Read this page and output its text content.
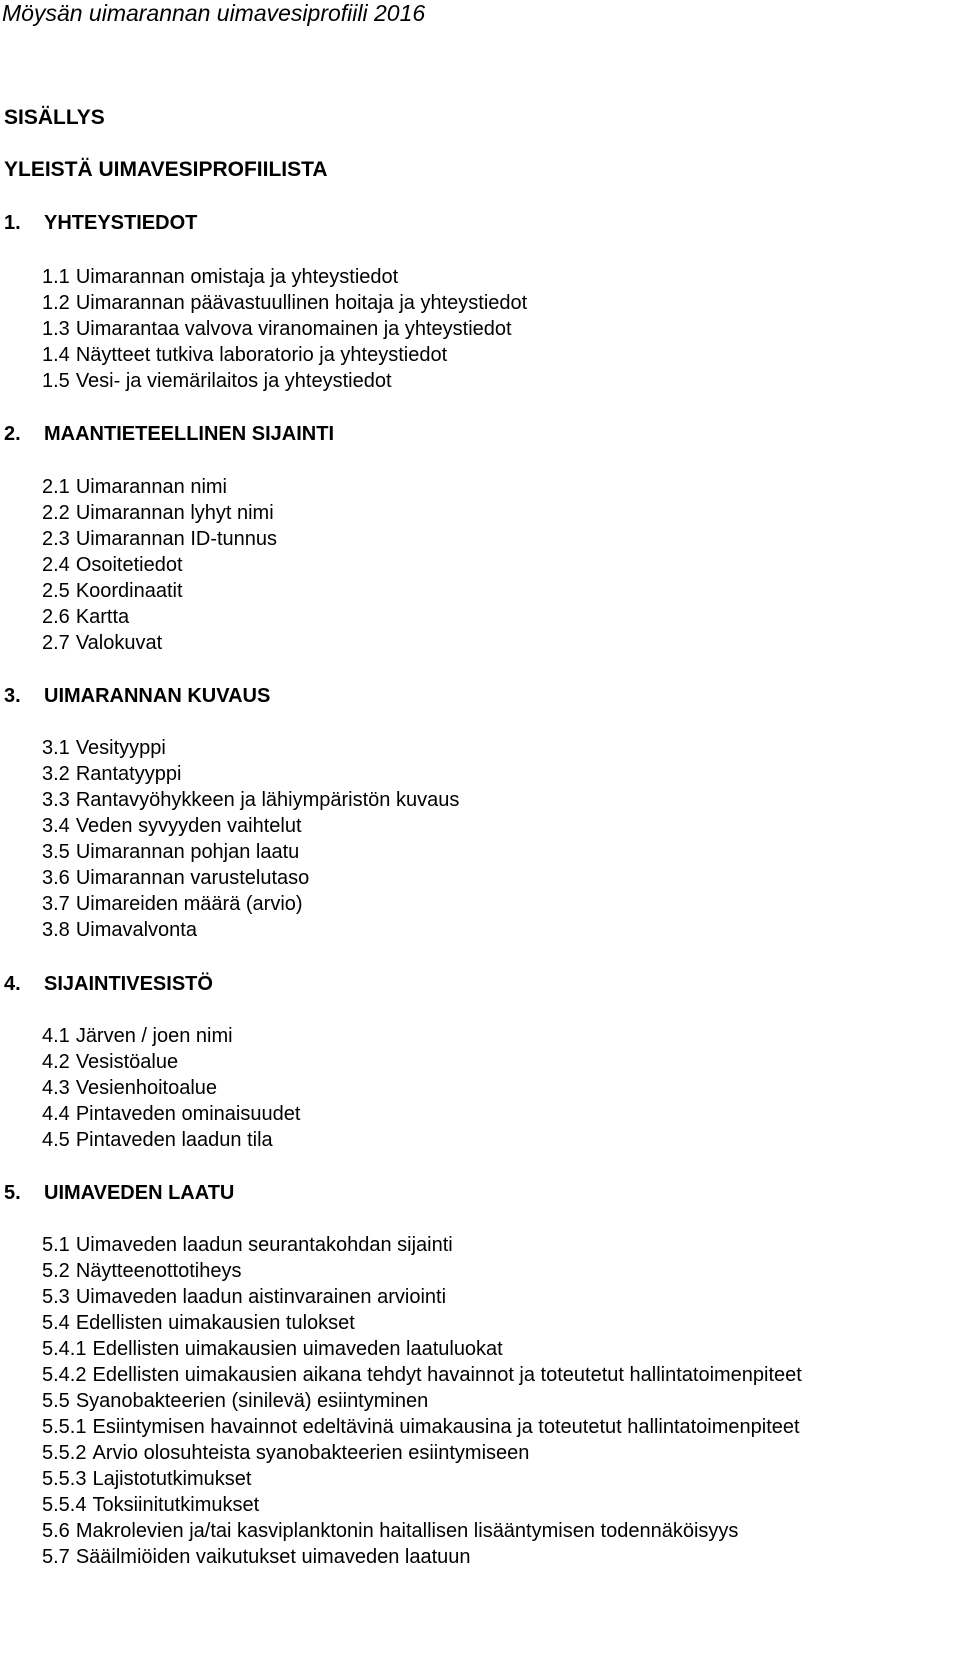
Möysän uimarannan uimavesiprofiili 2016
SISÄLLYS
YLEISTÄ UIMAVESIPROFIILISTA
1. YHTEYSTIEDOT
1.1 Uimarannan omistaja ja yhteystiedot
1.2 Uimarannan päävastuullinen hoitaja ja yhteystiedot
1.3 Uimarantaa valvova viranomainen ja yhteystiedot
1.4 Näytteet tutkiva laboratorio ja yhteystiedot
1.5 Vesi- ja viemärilaitos ja yhteystiedot
2. MAANTIETEELLINEN SIJAINTI
2.1 Uimarannan nimi
2.2 Uimarannan lyhyt nimi
2.3 Uimarannan ID-tunnus
2.4 Osoitetiedot
2.5 Koordinaatit
2.6 Kartta
2.7 Valokuvat
3. UIMARANNAN KUVAUS
3.1 Vesityyppi
3.2 Rantatyyppi
3.3 Rantavyöhykkeen ja lähiympäristön kuvaus
3.4 Veden syvyyden vaihtelut
3.5 Uimarannan pohjan laatu
3.6 Uimarannan varustelutaso
3.7 Uimareiden määrä (arvio)
3.8 Uimavalvonta
4. SIJAINTIVESISTÖ
4.1 Järven / joen nimi
4.2 Vesistöalue
4.3 Vesienhoitoalue
4.4 Pintaveden ominaisuudet
4.5 Pintaveden laadun tila
5. UIMAVEDEN LAATU
5.1 Uimaveden laadun seurantakohdan sijainti
5.2 Näytteenottotiheys
5.3 Uimaveden laadun aistinvarainen arviointi
5.4 Edellisten uimakausien tulokset
5.4.1 Edellisten uimakausien uimaveden laatuluokat
5.4.2 Edellisten uimakausien aikana tehdyt havainnot ja toteutetut hallintatoimenpiteet
5.5 Syanobakteerien (sinilevä) esiintyminen
5.5.1 Esiintymisen havainnot edeltävinä uimakausina ja toteutetut hallintatoimenpiteet
5.5.2 Arvio olosuhteista syanobakteerien esiintymiseen
5.5.3 Lajistotutkimukset
5.5.4 Toksiinitutkimukset
5.6 Makrolevien ja/tai kasviplanktonin haitallisen lisääntymisen todennäköisyys
5.7 Sääilmiöiden vaikutukset uimaveden laatuun
